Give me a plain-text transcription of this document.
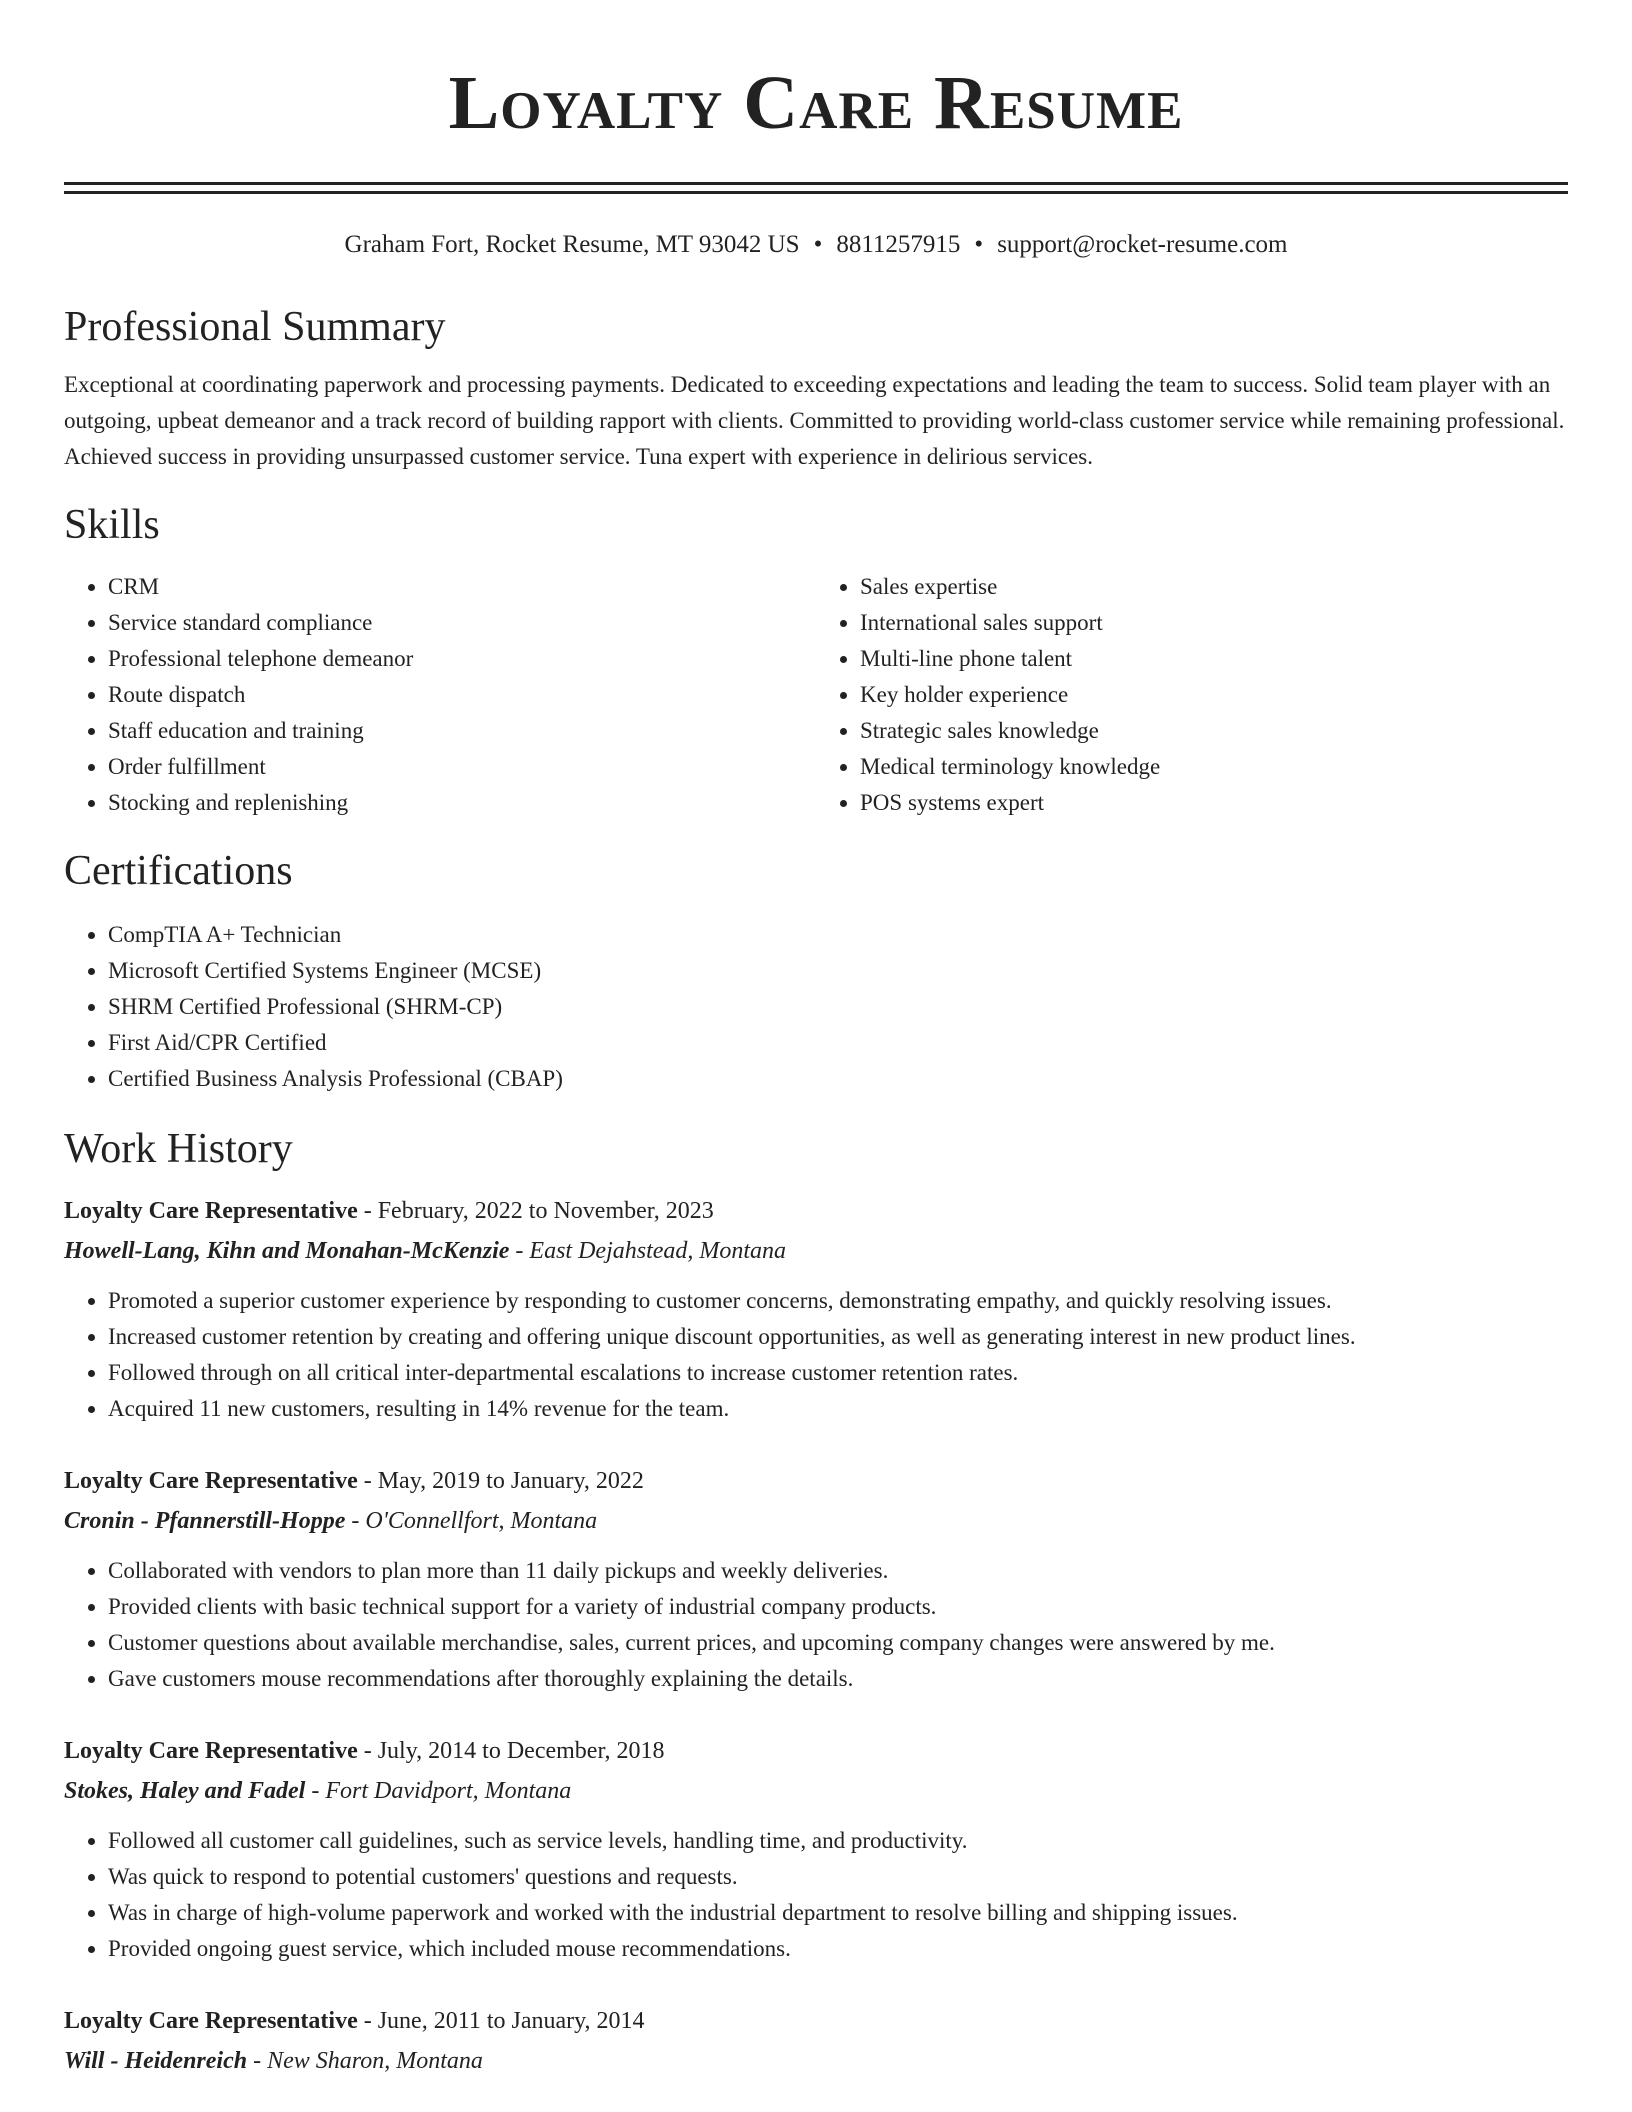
Loyalty Care Resume
Graham Fort, Rocket Resume, MT 93042 US • 8811257915 • support@rocket-resume.com
Professional Summary
Exceptional at coordinating paperwork and processing payments. Dedicated to exceeding expectations and leading the team to success. Solid team player with an outgoing, upbeat demeanor and a track record of building rapport with clients. Committed to providing world-class customer service while remaining professional. Achieved success in providing unsurpassed customer service. Tuna expert with experience in delirious services.
Skills
• CRM
• Service standard compliance
• Professional telephone demeanor
• Route dispatch
• Staff education and training
• Order fulfillment
• Stocking and replenishing
• Sales expertise
• International sales support
• Multi-line phone talent
• Key holder experience
• Strategic sales knowledge
• Medical terminology knowledge
• POS systems expert
Certifications
• CompTIA A+ Technician
• Microsoft Certified Systems Engineer (MCSE)
• SHRM Certified Professional (SHRM-CP)
• First Aid/CPR Certified
• Certified Business Analysis Professional (CBAP)
Work History
Loyalty Care Representative - February, 2022 to November, 2023
Howell-Lang, Kihn and Monahan-McKenzie - East Dejahstead, Montana
• Promoted a superior customer experience by responding to customer concerns, demonstrating empathy, and quickly resolving issues.
• Increased customer retention by creating and offering unique discount opportunities, as well as generating interest in new product lines.
• Followed through on all critical inter-departmental escalations to increase customer retention rates.
• Acquired 11 new customers, resulting in 14% revenue for the team.
Loyalty Care Representative - May, 2019 to January, 2022
Cronin - Pfannerstill-Hoppe - O'Connellfort, Montana
• Collaborated with vendors to plan more than 11 daily pickups and weekly deliveries.
• Provided clients with basic technical support for a variety of industrial company products.
• Customer questions about available merchandise, sales, current prices, and upcoming company changes were answered by me.
• Gave customers mouse recommendations after thoroughly explaining the details.
Loyalty Care Representative - July, 2014 to December, 2018
Stokes, Haley and Fadel - Fort Davidport, Montana
• Followed all customer call guidelines, such as service levels, handling time, and productivity.
• Was quick to respond to potential customers' questions and requests.
• Was in charge of high-volume paperwork and worked with the industrial department to resolve billing and shipping issues.
• Provided ongoing guest service, which included mouse recommendations.
Loyalty Care Representative - June, 2011 to January, 2014
Will - Heidenreich - New Sharon, Montana
